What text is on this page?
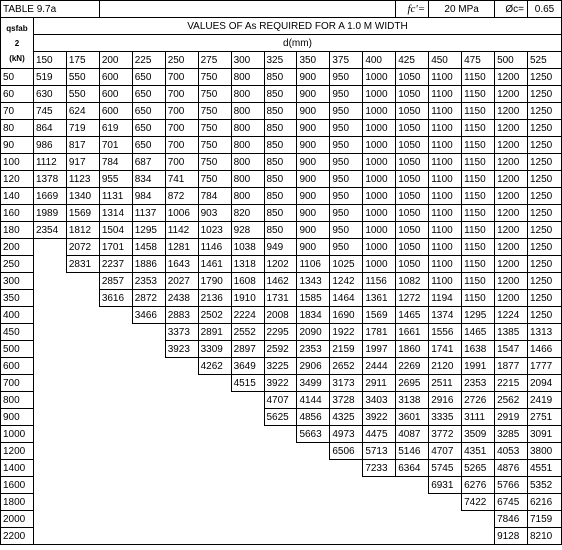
TABLE 9.7a												fc'=	20 MPa		Øc=	0.65

qsfab
2
(kN)	VALUES OF As REQUIRED FOR A 1.0 M WIDTH															
	d(mm)															
	150	175	200	225	250	275	300	325	350	375	400	425	450	475	500	525
50	519	550	600	650	700	750	800	850	900	950	1000	1050	1100	1150	1200	1250
60	630	550	600	650	700	750	800	850	900	950	1000	1050	1100	1150	1200	1250
70	745	624	600	650	700	750	800	850	900	950	1000	1050	1100	1150	1200	1250
80	864	719	619	650	700	750	800	850	900	950	1000	1050	1100	1150	1200	1250
90	986	817	701	650	700	750	800	850	900	950	1000	1050	1100	1150	1200	1250
100	1112	917	784	687	700	750	800	850	900	950	1000	1050	1100	1150	1200	1250
120	1378	1123	955	834	741	750	800	850	900	950	1000	1050	1100	1150	1200	1250
140	1669	1340	1131	984	872	784	800	850	900	950	1000	1050	1100	1150	1200	1250
160	1989	1569	1314	1137	1006	903	820	850	900	950	1000	1050	1100	1150	1200	1250
180	2354	1812	1504	1295	1142	1023	928	850	900	950	1000	1050	1100	1150	1200	1250
200		2072	1701	1458	1281	1146	1038	949	900	950	1000	1050	1100	1150	1200	1250
250		2831	2237	1886	1643	1461	1318	1202	1106	1025	1000	1050	1100	1150	1200	1250
300			2857	2353	2027	1790	1608	1462	1343	1242	1156	1082	1100	1150	1200	1250
350			3616	2872	2438	2136	1910	1731	1585	1464	1361	1272	1194	1150	1200	1250
400				3466	2883	2502	2224	2008	1834	1690	1569	1465	1374	1295	1224	1250
450					3373	2891	2552	2295	2090	1922	1781	1661	1556	1465	1385	1313
500					3923	3309	2897	2592	2353	2159	1997	1860	1741	1638	1547	1466
600						4262	3649	3225	2906	2652	2444	2269	2120	1991	1877	1777
700							4515	3922	3499	3173	2911	2695	2511	2353	2215	2094
800								4707	4144	3728	3403	3138	2916	2726	2562	2419
900								5625	4856	4325	3922	3601	3335	3111	2919	2751
1000									5663	4973	4475	4087	3772	3509	3285	3091
1200										6506	5713	5146	4707	4351	4053	3800
1400											7233	6364	5745	5265	4876	4551
1600													6931	6276	5766	5352
1800														7422	6745	6216
2000															7846	7159
2200															9128	8210
